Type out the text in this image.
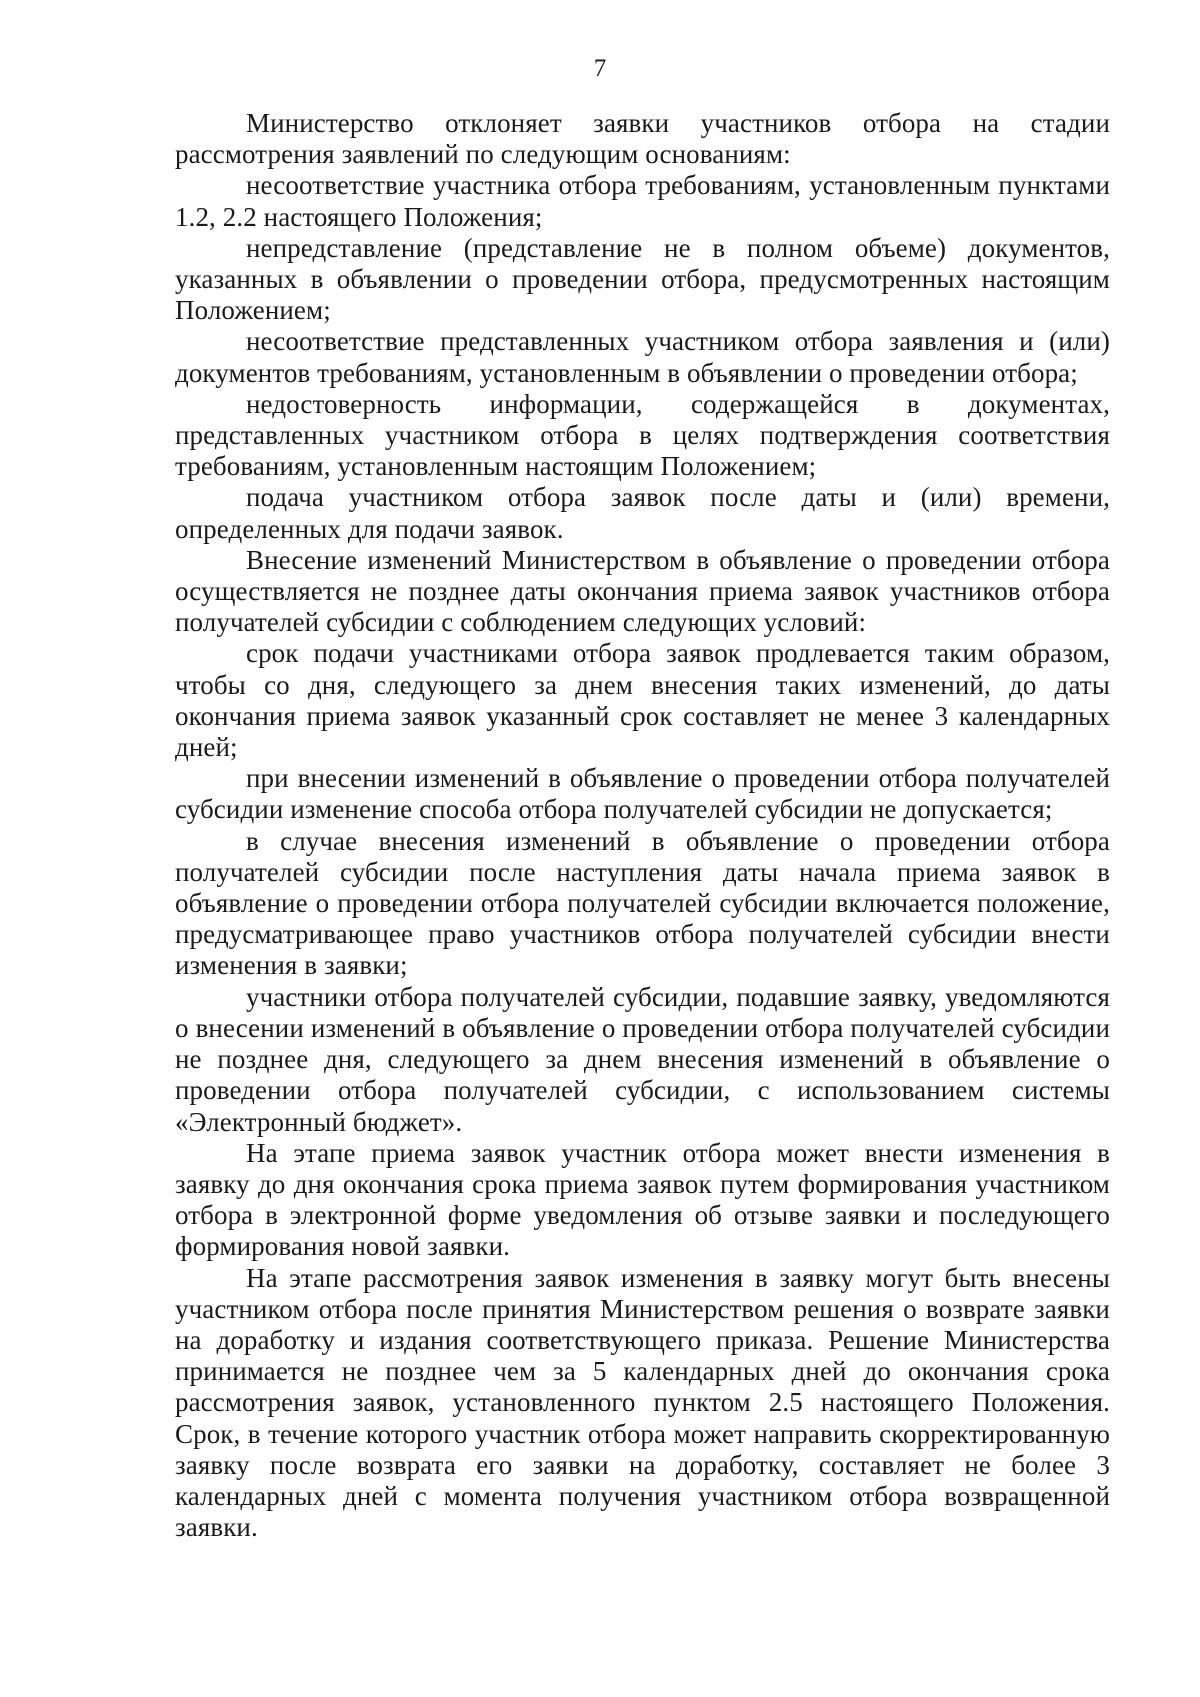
7

Министерство отклоняет заявки участников отбора на стадии рассмотрения заявлений по следующим основаниям:

несоответствие участника отбора требованиям, установленным пунктами 1.2, 2.2 настоящего Положения;

непредставление (представление не в полном объеме) документов, указанных в объявлении о проведении отбора, предусмотренных настоящим Положением;

несоответствие представленных участником отбора заявления и (или) документов требованиям, установленным в объявлении о проведении отбора;

недостоверность информации, содержащейся в документах, представленных участником отбора в целях подтверждения соответствия требованиям, установленным настоящим Положением;

подача участником отбора заявок после даты и (или) времени, определенных для подачи заявок.

Внесение изменений Министерством в объявление о проведении отбора осуществляется не позднее даты окончания приема заявок участников отбора получателей субсидии с соблюдением следующих условий:

срок подачи участниками отбора заявок продлевается таким образом, чтобы со дня, следующего за днем внесения таких изменений, до даты окончания приема заявок указанный срок составляет не менее 3 календарных дней;

при внесении изменений в объявление о проведении отбора получателей субсидии изменение способа отбора получателей субсидии не допускается;

в случае внесения изменений в объявление о проведении отбора получателей субсидии после наступления даты начала приема заявок в объявление о проведении отбора получателей субсидии включается положение, предусматривающее право участников отбора получателей субсидии внести изменения в заявки;

участники отбора получателей субсидии, подавшие заявку, уведомляются о внесении изменений в объявление о проведении отбора получателей субсидии не позднее дня, следующего за днем внесения изменений в объявление о проведении отбора получателей субсидии, с использованием системы «Электронный бюджет».

На этапе приема заявок участник отбора может внести изменения в заявку до дня окончания срока приема заявок путем формирования участником отбора в электронной форме уведомления об отзыве заявки и последующего формирования новой заявки.

На этапе рассмотрения заявок изменения в заявку могут быть внесены участником отбора после принятия Министерством решения о возврате заявки на доработку и издания соответствующего приказа. Решение Министерства принимается не позднее чем за 5 календарных дней до окончания срока рассмотрения заявок, установленного пунктом 2.5 настоящего Положения. Срок, в течение которого участник отбора может направить скорректированную заявку после возврата его заявки на доработку, составляет не более 3 календарных дней с момента получения участником отбора возвращенной заявки.
